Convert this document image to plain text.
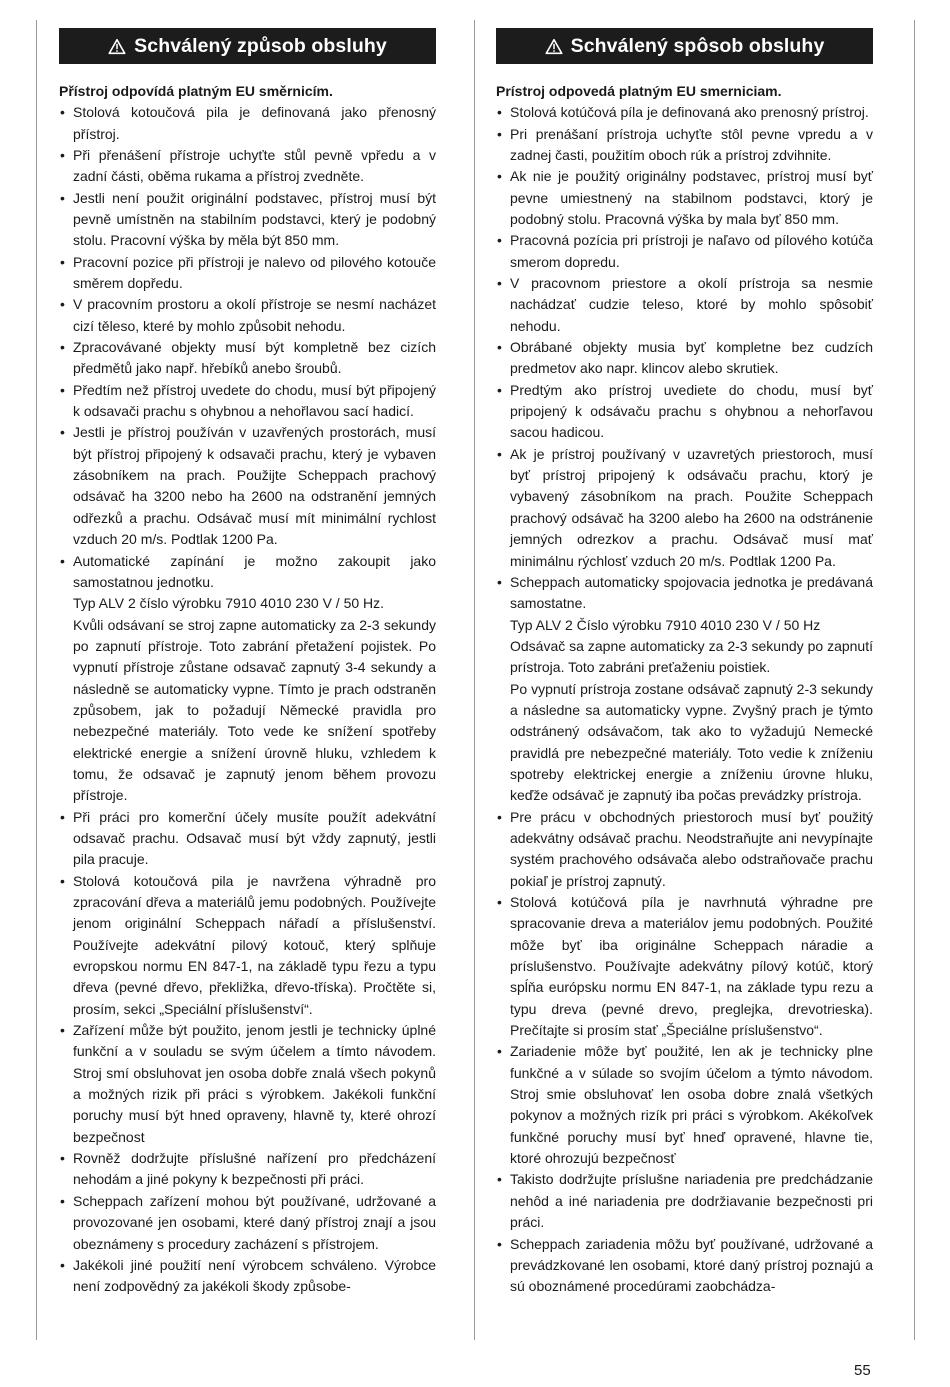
Schválený způsob obsluhy

Přístroj odpovídá platným EU směrnicím.

• Stolová kotoučová pila je definovaná jako přenosný přístroj.
• Při přenášení přístroje uchyťte stůl pevně vpředu a v zadní části, oběma rukama a přístroj zvedněte.
• Jestli není použit originální podstavec, přístroj musí být pevně umístněn na stabilním podstavci, který je podobný stolu. Pracovní výška by měla být 850 mm.
• Pracovní pozice při přístroji je nalevo od pilového kotouče směrem dopředu.
• V pracovním prostoru a okolí přístroje se nesmí nacházet cizí těleso, které by mohlo způsobit nehodu.
• Zpracovávané objekty musí být kompletně bez cizích předmětů jako např. hřebíků anebo šroubů.
• Předtím než přístroj uvedete do chodu, musí být připojený k odsavači prachu s ohybnou a nehořlavou sací hadicí.
• Jestli je přístroj používán v uzavřených prostorách, musí být přístroj připojený k odsavači prachu, který je vybaven zásobníkem na prach. Použijte Scheppach prachový odsávač ha 3200 nebo ha 2600 na odstranění jemných odřezků a prachu. Odsávač musí mít minimální rychlost vzduch 20 m/s. Podtlak 1200 Pa.
• Automatické zapínání je možno zakoupit jako samostatnou jednotku.
Typ ALV 2 číslo výrobku 7910 4010 230 V / 50 Hz.
Kvůli odsávaní se stroj zapne automaticky za 2-3 sekundy po zapnutí přístroje. Toto zabrání přetažení pojistek. Po vypnutí přístroje zůstane odsavač zapnutý 3-4 sekundy a následně se automaticky vypne. Tímto je prach odstraněn způsobem, jak to požadují Německé pravidla pro nebezpečné materiály. Toto vede ke snížení spotřeby elektrické energie a snížení úrovně hluku, vzhledem k tomu, že odsavač je zapnutý jenom během provozu přístroje.
• Při práci pro komerční účely musíte použít adekvátní odsavač prachu. Odsavač musí být vždy zapnutý, jestli pila pracuje.
• Stolová kotoučová pila je navržena výhradně pro zpracování dřeva a materiálů jemu podobných. Používejte jenom originální Scheppach nářadí a příslušenství. Používejte adekvátní pilový kotouč, který splňuje evropskou normu EN 847-1, na základě typu řezu a typu dřeva (pevné dřevo, překližka, dřevo-tříska). Pročtěte si, prosím, sekci „Speciální příslušenství“.
• Zařízení může být použito, jenom jestli je technicky úplné funkční a v souladu se svým účelem a tímto návodem. Stroj smí obsluhovat jen osoba dobře znalá všech pokynů a možných rizik při práci s výrobkem. Jakékoli funkční poruchy musí být hned opraveny, hlavně ty, které ohrozí bezpečnost
• Rovněž dodržujte příslušné nařízení pro předcházení nehodám a jiné pokyny k bezpečnosti při práci.
• Scheppach zařízení mohou být používané, udržované a provozované jen osobami, které daný přístroj znají a jsou obeznámeny s procedury zacházení s přístrojem.
• Jakékoli jiné použití není výrobcem schváleno. Výrobce není zodpovědný za jakékoli škody způsobe-
Schválený spôsob obsluhy

Prístroj odpovedá platným EU smerniciam.

• Stolová kotúčová píla je definovaná ako prenosný prístroj.
• Pri prenášaní prístroja uchyťte stôl pevne vpredu a v zadnej časti, použitím oboch rúk a prístroj zdvihnite.
• Ak nie je použitý originálny podstavec, prístroj musí byť pevne umiestnený na stabilnom podstavci, ktorý je podobný stolu. Pracovná výška by mala byť 850 mm.
• Pracovná pozícia pri prístroji je naľavo od pílového kotúča smerom dopredu.
• V pracovnom priestore a okolí prístroja sa nesmie nachádzať cudzie teleso, ktoré by mohlo spôsobiť nehodu.
• Obrábané objekty musia byť kompletne bez cudzích predmetov ako napr. klincov alebo skrutiek.
• Predtým ako prístroj uvediete do chodu, musí byť pripojený k odsávaču prachu s ohybnou a nehorľavou sacou hadicou.
• Ak je prístroj používaný v uzavretých priestoroch, musí byť prístroj pripojený k odsávaču prachu, ktorý je vybavený zásobníkom na prach. Použite Scheppach prachový odsávač ha 3200 alebo ha 2600 na odstránenie jemných odrezkov a prachu. Odsávač musí mať minimálnu rýchlosť vzduch 20 m/s. Podtlak 1200 Pa.
• Scheppach automaticky spojovacia jednotka je predávaná samostatne.
Typ ALV 2 Číslo výrobku 7910 4010 230 V / 50 Hz
Odsávač sa zapne automaticky za 2-3 sekundy po zapnutí prístroja. Toto zabráni preťaženiu poistiek.
Po vypnutí prístroja zostane odsávač zapnutý 2-3 sekundy a následne sa automaticky vypne. Zvyšný prach je týmto odstránený odsávačom, tak ako to vyžadujú Nemecké pravidlá pre nebezpečné materiály. Toto vedie k zníženiu spotreby elektrickej energie a zníženiu úrovne hluku, keďže odsávač je zapnutý iba počas prevádzky prístroja.
• Pre prácu v obchodných priestoroch musí byť použitý adekvátny odsávač prachu. Neodstraňujte ani nevypínajte systém prachového odsávača alebo odstraňovače prachu pokiaľ je prístroj zapnutý.
• Stolová kotúčová píla je navrhnutá výhradne pre spracovanie dreva a materiálov jemu podobných. Použité môže byť iba originálne Scheppach náradie a príslušenstvo. Používajte adekvátny pílový kotúč, ktorý spĺňa európsku normu EN 847-1, na základe typu rezu a typu dreva (pevné drevo, preglejka, drevotrieska). Prečítajte si prosím stať „Špeciálne príslušenstvo“.
• Zariadenie môže byť použité, len ak je technicky plne funkčné a v súlade so svojím účelom a týmto návodom. Stroj smie obsluhovať len osoba dobre znalá všetkých pokynov a možných rizík pri práci s výrobkom. Akékoľvek funkčné poruchy musí byť hneď opravené, hlavne tie, ktoré ohrozujú bezpečnosť
• Takisto dodržujte príslušne nariadenia pre predchádzanie nehôd a iné nariadenia pre dodržiavanie bezpečnosti pri práci.
• Scheppach zariadenia môžu byť používané, udržované a prevádzkované len osobami, ktoré daný prístroj poznajú a sú oboznámené procedúrami zaobchádza-
55
